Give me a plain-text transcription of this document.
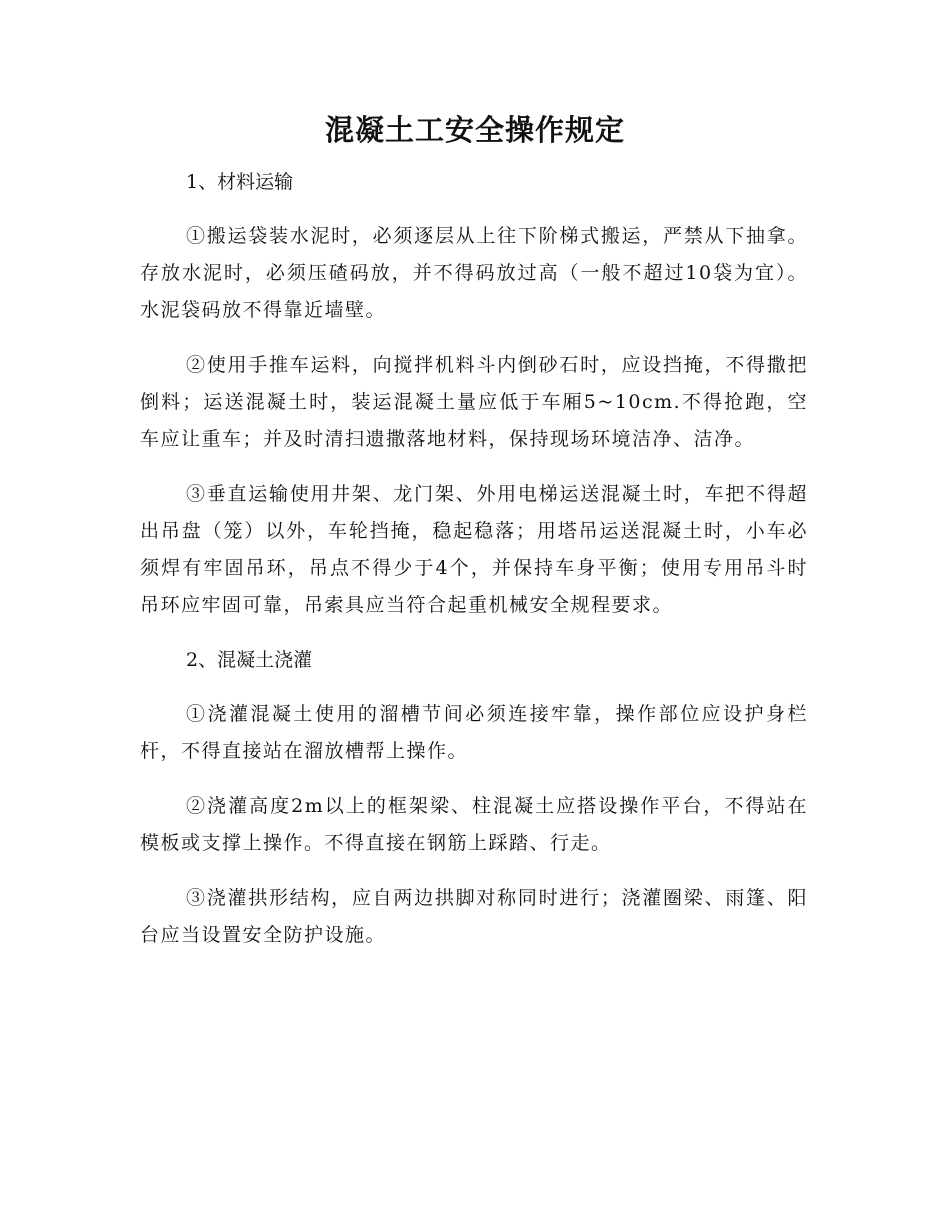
混凝土工安全操作规定

1、材料运输

①搬运袋装水泥时，必须逐层从上往下阶梯式搬运，严禁从下抽拿。存放水泥时，必须压碴码放，并不得码放过高（一般不超过10袋为宜）。水泥袋码放不得靠近墙壁。

②使用手推车运料，向搅拌机料斗内倒砂石时，应设挡掩，不得撒把倒料；运送混凝土时，装运混凝土量应低于车厢5~10cm.不得抢跑，空车应让重车；并及时清扫遗撒落地材料，保持现场环境洁净、洁净。

③垂直运输使用井架、龙门架、外用电梯运送混凝土时，车把不得超出吊盘（笼）以外，车轮挡掩，稳起稳落；用塔吊运送混凝土时，小车必须焊有牢固吊环，吊点不得少于4个，并保持车身平衡；使用专用吊斗时吊环应牢固可靠，吊索具应当符合起重机械安全规程要求。

2、混凝土浇灌

①浇灌混凝土使用的溜槽节间必须连接牢靠，操作部位应设护身栏杆，不得直接站在溜放槽帮上操作。

②浇灌高度2m以上的框架梁、柱混凝土应搭设操作平台，不得站在模板或支撑上操作。不得直接在钢筋上踩踏、行走。

③浇灌拱形结构，应自两边拱脚对称同时进行；浇灌圈梁、雨篷、阳台应当设置安全防护设施。
